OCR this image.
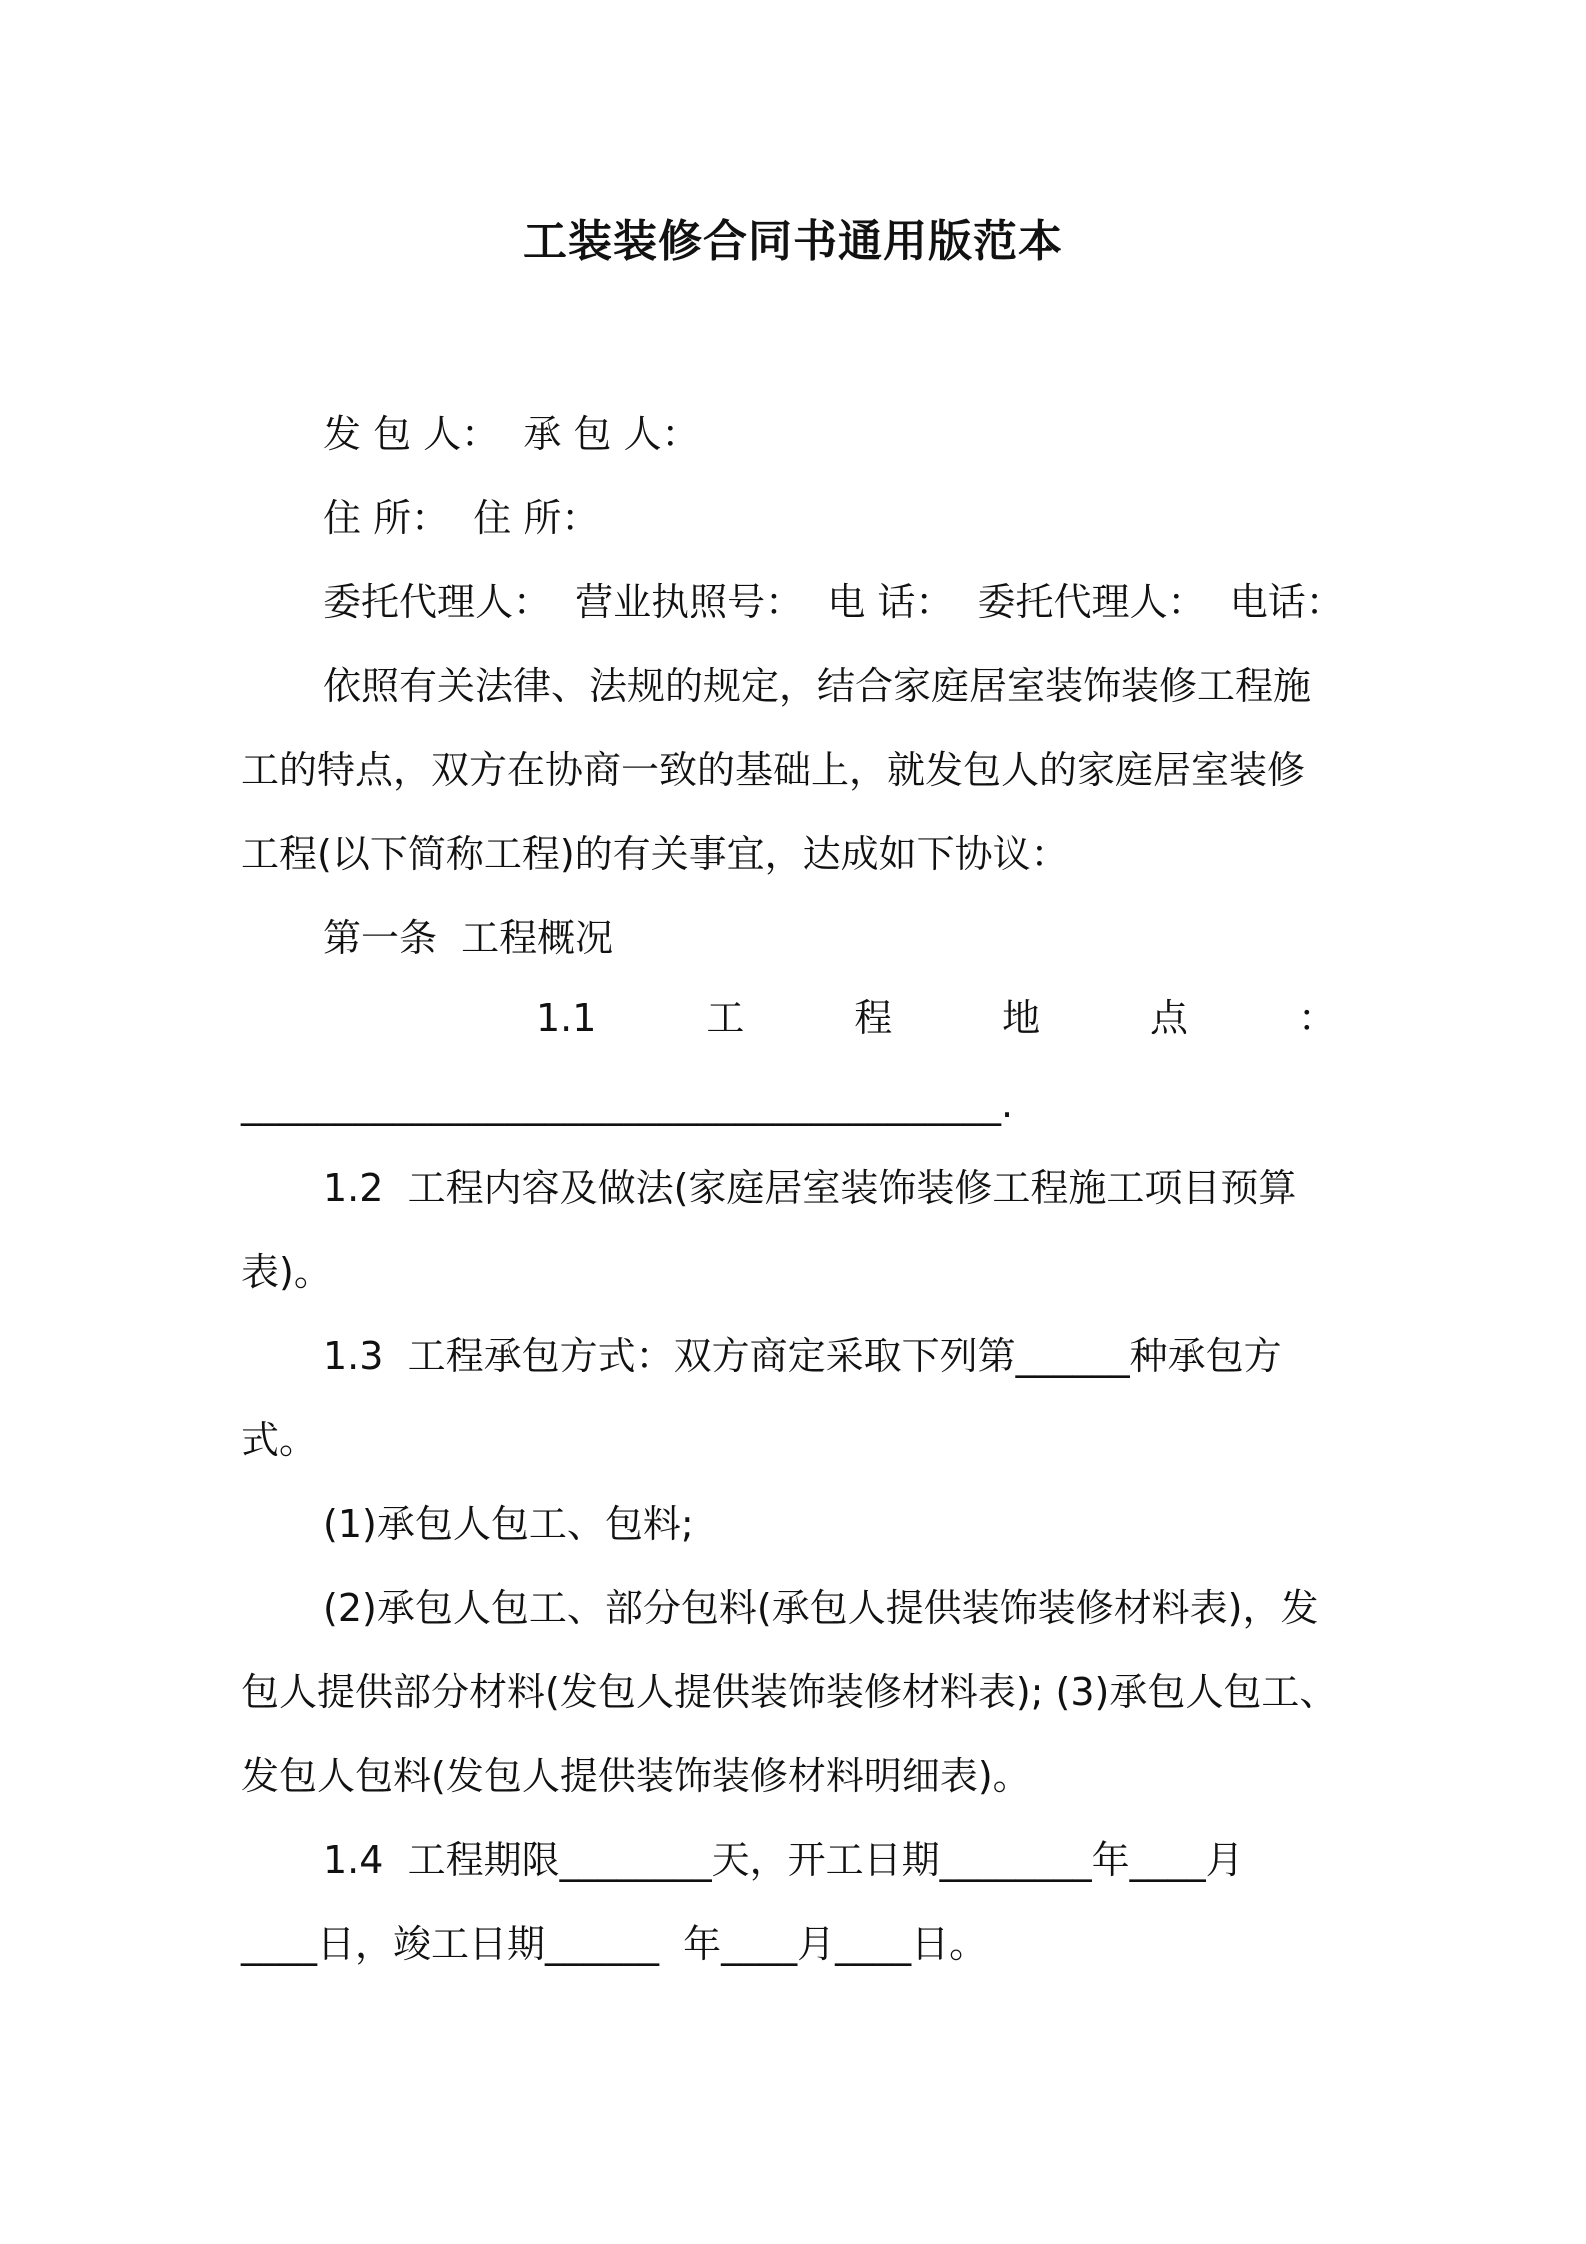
工装装修合同书通用版范本
发 包 人：  承 包 人：
住 所：  住 所：
委托代理人：  营业执照号：  电 话：  委托代理人：  电话：
依照有关法律、法规的规定，结合家庭居室装饰装修工程施
工的特点，双方在协商一致的基础上，就发包人的家庭居室装修
工程(以下简称工程)的有关事宜，达成如下协议：
第一条  工程概况
1.1	工	程	地	点	：
________________________________________.
1.2  工程内容及做法(家庭居室装饰装修工程施工项目预算
表)。
1.3  工程承包方式：双方商定采取下列第______种承包方
式。
(1)承包人包工、包料;
(2)承包人包工、部分包料(承包人提供装饰装修材料表)，发
包人提供部分材料(发包人提供装饰装修材料表); (3)承包人包工、
发包人包料(发包人提供装饰装修材料明细表)。
1.4  工程期限________天，开工日期________年____月
____日，竣工日期______  年____月____日。
